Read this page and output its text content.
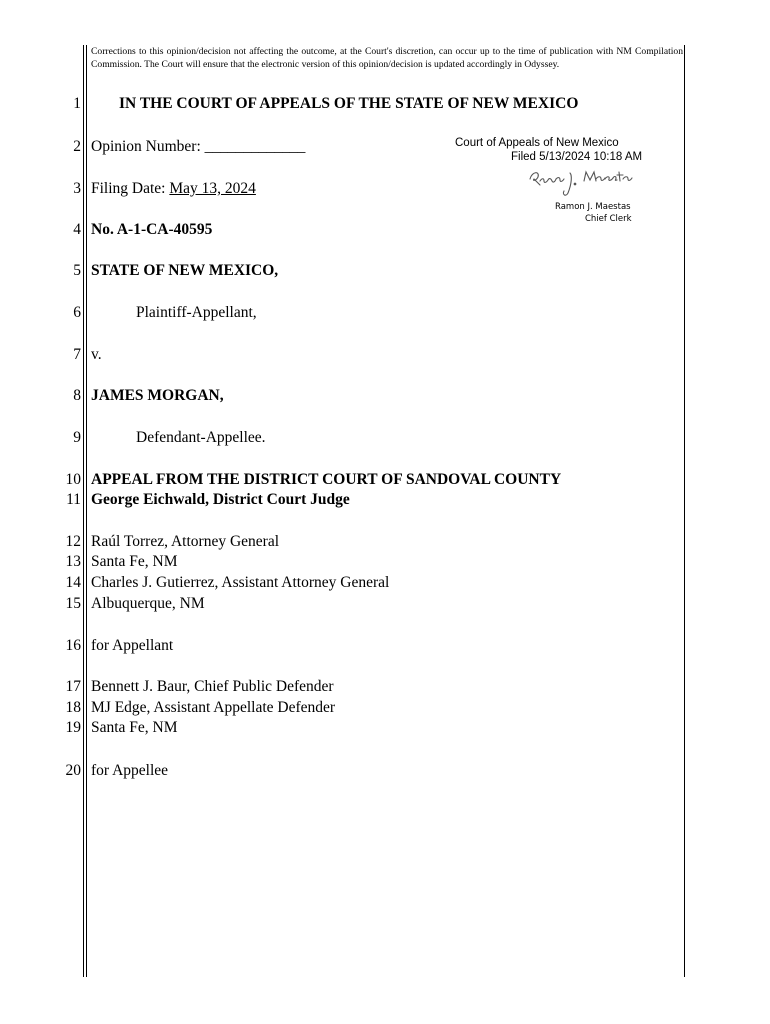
Corrections to this opinion/decision not affecting the outcome, at the Court's discretion, can occur up to the time of publication with NM Compilation Commission. The Court will ensure that the electronic version of this opinion/decision is updated accordingly in Odyssey.
Court of Appeals of New Mexico
Filed 5/13/2024 10:18 AM
Ramon J. Maestas
Chief Clerk
1 IN THE COURT OF APPEALS OF THE STATE OF NEW MEXICO
2 Opinion Number: _____________
3 Filing Date: May 13, 2024
4 No. A-1-CA-40595
5 STATE OF NEW MEXICO,
6	Plaintiff-Appellant,
7 v.
8 JAMES MORGAN,
9	Defendant-Appellee.
10 APPEAL FROM THE DISTRICT COURT OF SANDOVAL COUNTY
11 George Eichwald, District Court Judge
12 Raúl Torrez, Attorney General
13 Santa Fe, NM
14 Charles J. Gutierrez, Assistant Attorney General
15 Albuquerque, NM
16 for Appellant
17 Bennett J. Baur, Chief Public Defender
18 MJ Edge, Assistant Appellate Defender
19 Santa Fe, NM
20 for Appellee
